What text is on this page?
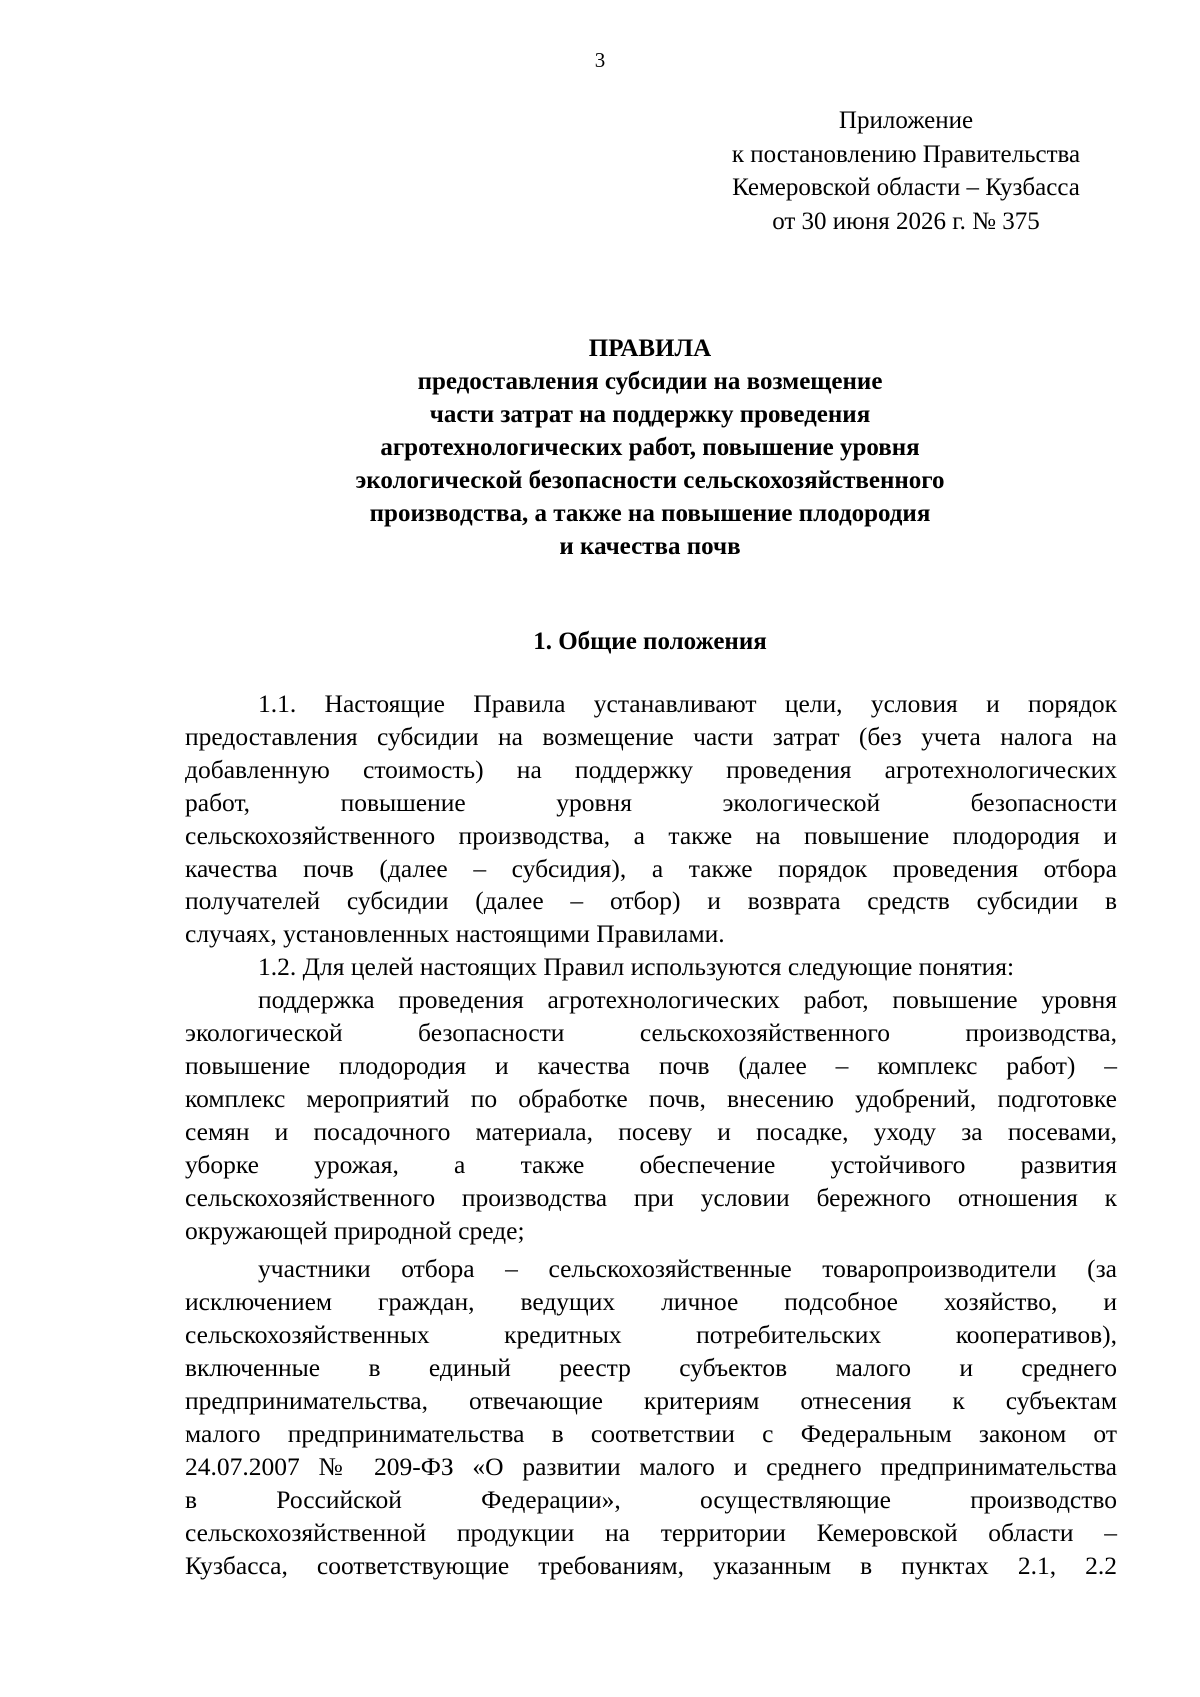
3
Приложение
к постановлению Правительства
Кемеровской области – Кузбасса
от 30 июня 2026 г. № 375
ПРАВИЛА
предоставления субсидии на возмещение
части затрат на поддержку проведения
агротехнологических работ, повышение уровня
экологической безопасности сельскохозяйственного
производства, а также на повышение плодородия
и качества почв
1. Общие положения
1.1. Настоящие Правила устанавливают цели, условия и порядок
предоставления субсидии на возмещение части затрат (без учета налога на
добавленную стоимость) на поддержку проведения агротехнологических
работ, повышение уровня экологической безопасности
сельскохозяйственного производства, а также на повышение плодородия и
качества почв (далее – субсидия), а также порядок проведения отбора
получателей субсидии (далее – отбор) и возврата средств субсидии в
случаях, установленных настоящими Правилами.
1.2. Для целей настоящих Правил используются следующие понятия:
поддержка проведения агротехнологических работ, повышение уровня
экологической безопасности сельскохозяйственного производства,
повышение плодородия и качества почв (далее – комплекс работ) –
комплекс мероприятий по обработке почв, внесению удобрений, подготовке
семян и посадочного материала, посеву и посадке, уходу за посевами,
уборке урожая, а также обеспечение устойчивого развития
сельскохозяйственного производства при условии бережного отношения к
окружающей природной среде;
участники отбора – сельскохозяйственные товаропроизводители (за
исключением граждан, ведущих личное подсобное хозяйство, и
сельскохозяйственных кредитных потребительских кооперативов),
включенные в единый реестр субъектов малого и среднего
предпринимательства, отвечающие критериям отнесения к субъектам
малого предпринимательства в соответствии с Федеральным законом от
24.07.2007 № 209-ФЗ «О развитии малого и среднего предпринимательства
в Российской Федерации», осуществляющие производство
сельскохозяйственной продукции на территории Кемеровской области –
Кузбасса, соответствующие требованиям, указанным в пунктах 2.1, 2.2
